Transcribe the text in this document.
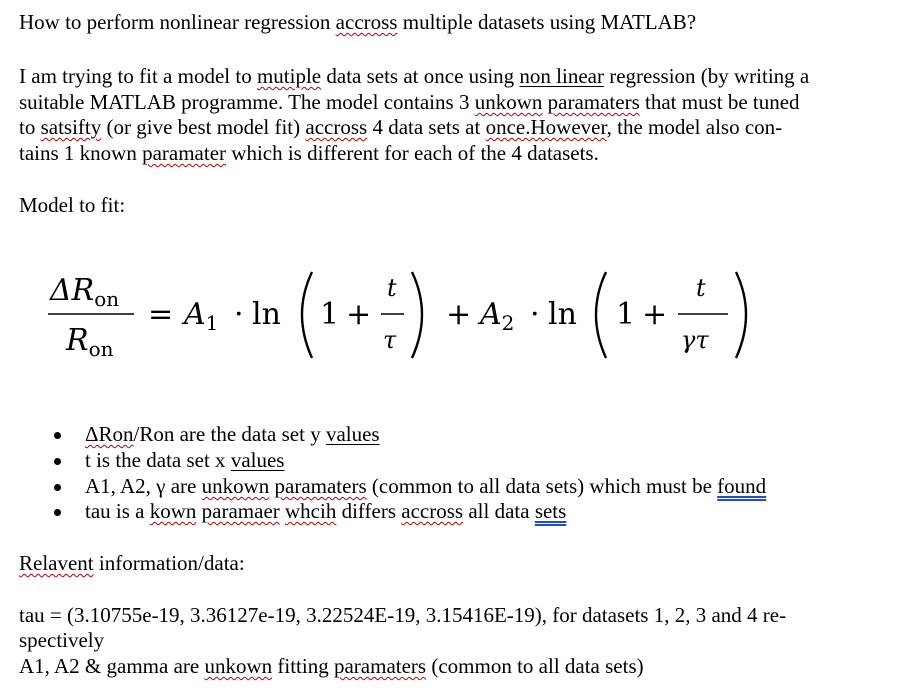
How to perform nonlinear regression accross multiple datasets using MATLAB?
I am trying to fit a model to mutiple data sets at once using non linear regression (by writing a
suitable MATLAB programme. The model contains 3 unkown paramaters that must be tuned
to satsifty (or give best model fit) accross 4 data sets at once.However, the model also con-
tains 1 known paramater which is different for each of the 4 datasets.
Model to fit:
$\Delta R_{on}$
$R_{on}$
= $A_1 \cdot \ln 1$ +
t
τ
+ $A_2 \cdot \ln 1$ +
t
γτ
ΔRon/Ron are the data set y values
t is the data set x values
A1, A2, γ are unkown paramaters (common to all data sets) which must be found
tau is a kown paramaer whcih differs accross all data sets
Relavent information/data:
tau = (3.10755e-19, 3.36127e-19, 3.22524E-19, 3.15416E-19), for datasets 1, 2, 3 and 4 re-
spectively
A1, A2 & gamma are unkown fitting paramaters (common to all data sets)
